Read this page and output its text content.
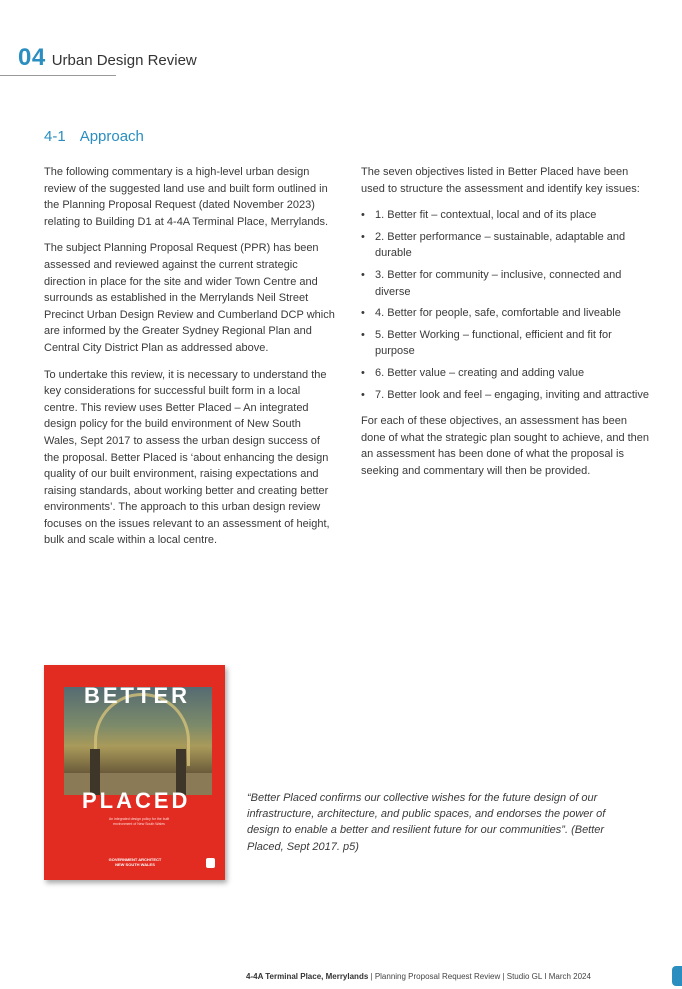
04 Urban Design Review
4-1 Approach

The following commentary is a high-level urban design review of the suggested land use and built form outlined in the Planning Proposal Request (dated November 2023) relating to Building D1 at 4-4A Terminal Place, Merrylands.

The subject Planning Proposal Request (PPR) has been assessed and reviewed against the current strategic direction in place for the site and wider Town Centre and surrounds as established in the Merrylands Neil Street Precinct Urban Design Review and Cumberland DCP which are informed by the Greater Sydney Regional Plan and Central City District Plan as addressed above.

To undertake this review, it is necessary to understand the key considerations for successful built form in a local centre. This review uses Better Placed – An integrated design policy for the build environment of New South Wales, Sept 2017 to assess the urban design success of the proposal. Better Placed is ‘about enhancing the design quality of our built environment, raising expectations and raising standards, about working better and creating better environments’. The approach to this urban design review focuses on the issues relevant to an assessment of height, bulk and scale within a local centre.

The seven objectives listed in Better Placed have been used to structure the assessment and identify key issues:

• 1. Better fit – contextual, local and of its place
• 2. Better performance – sustainable, adaptable and durable
• 3. Better for community – inclusive, connected and diverse
• 4. Better for people, safe, comfortable and liveable
• 5. Better Working – functional, efficient and fit for purpose
• 6. Better value – creating and adding value
• 7. Better look and feel – engaging, inviting and attractive

For each of these objectives, an assessment has been done of what the strategic plan sought to achieve, and then an assessment has been done of what the proposal is seeking and commentary will then be provided.

BETTER
PLACED
An integrated design policy for the built environment of New South Wales
GOVERNMENT ARCHITECT NEW SOUTH WALES
“Better Placed confirms our collective wishes for the future design of our infrastructure, architecture, and public spaces, and endorses the power of design to enable a better and resilient future for our communities”. (Better Placed, Sept 2017. p5)
4-4A Terminal Place, Merrylands | Planning Proposal Request Review | Studio GL I March 2024
